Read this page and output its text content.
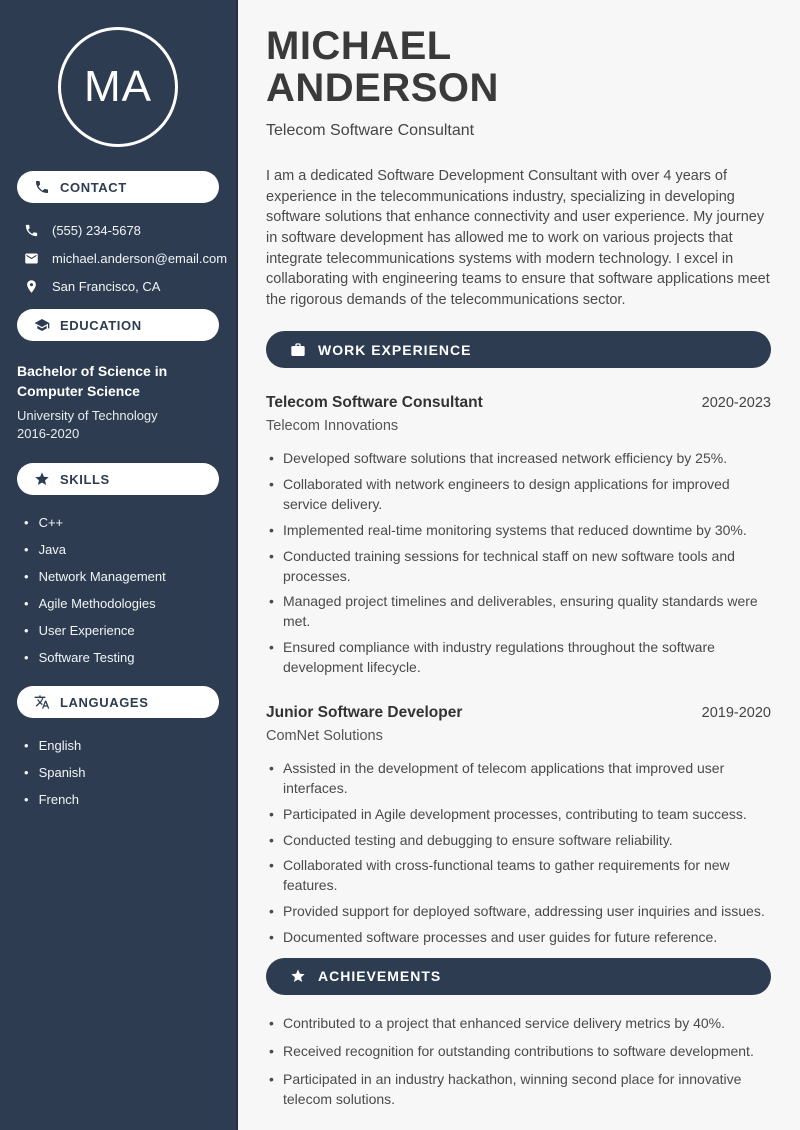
MA
CONTACT
(555) 234-5678
michael.anderson@email.com
San Francisco, CA
EDUCATION
Bachelor of Science in Computer Science
University of Technology
2016-2020
SKILLS
• C++
• Java
• Network Management
• Agile Methodologies
• User Experience
• Software Testing
LANGUAGES
• English
• Spanish
• French
MICHAEL
ANDERSON
Telecom Software Consultant

I am a dedicated Software Development Consultant with over 4 years of experience in the telecommunications industry, specializing in developing software solutions that enhance connectivity and user experience. My journey in software development has allowed me to work on various projects that integrate telecommunications systems with modern technology. I excel in collaborating with engineering teams to ensure that software applications meet the rigorous demands of the telecommunications sector.

WORK EXPERIENCE
Telecom Software Consultant	2020-2023
Telecom Innovations
• Developed software solutions that increased network efficiency by 25%.
• Collaborated with network engineers to design applications for improved service delivery.
• Implemented real-time monitoring systems that reduced downtime by 30%.
• Conducted training sessions for technical staff on new software tools and processes.
• Managed project timelines and deliverables, ensuring quality standards were met.
• Ensured compliance with industry regulations throughout the software development lifecycle.
Junior Software Developer	2019-2020
ComNet Solutions
• Assisted in the development of telecom applications that improved user interfaces.
• Participated in Agile development processes, contributing to team success.
• Conducted testing and debugging to ensure software reliability.
• Collaborated with cross-functional teams to gather requirements for new features.
• Provided support for deployed software, addressing user inquiries and issues.
• Documented software processes and user guides for future reference.
ACHIEVEMENTS
• Contributed to a project that enhanced service delivery metrics by 40%.
• Received recognition for outstanding contributions to software development.
• Participated in an industry hackathon, winning second place for innovative telecom solutions.
